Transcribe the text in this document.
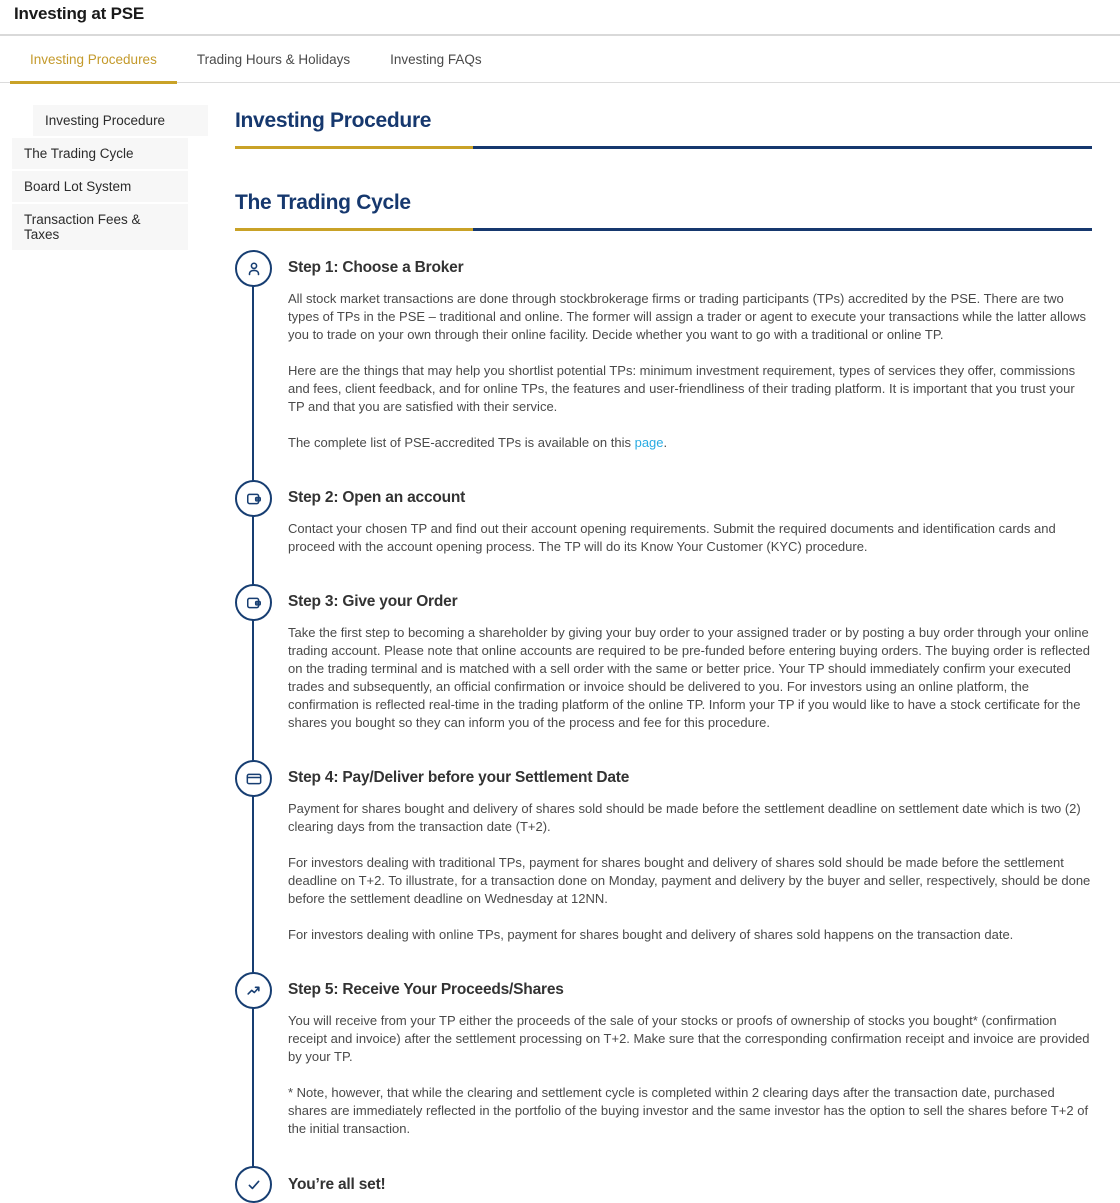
Investing at PSE
Investing Procedures	Trading Hours & Holidays	Investing FAQs
Investing Procedure
The Trading Cycle
Board Lot System
Transaction Fees & Taxes
Investing Procedure
The Trading Cycle
Step 1: Choose a Broker

All stock market transactions are done through stockbrokerage firms or trading participants (TPs) accredited by the PSE. There are two types of TPs in the PSE – traditional and online. The former will assign a trader or agent to execute your transactions while the latter allows you to trade on your own through their online facility. Decide whether you want to go with a traditional or online TP.

Here are the things that may help you shortlist potential TPs: minimum investment requirement, types of services they offer, commissions and fees, client feedback, and for online TPs, the features and user-friendliness of their trading platform. It is important that you trust your TP and that you are satisfied with their service.

The complete list of PSE-accredited TPs is available on this page.

Step 2: Open an account

Contact your chosen TP and find out their account opening requirements. Submit the required documents and identification cards and proceed with the account opening process. The TP will do its Know Your Customer (KYC) procedure.

Step 3: Give your Order

Take the first step to becoming a shareholder by giving your buy order to your assigned trader or by posting a buy order through your online trading account. Please note that online accounts are required to be pre-funded before entering buying orders. The buying order is reflected on the trading terminal and is matched with a sell order with the same or better price. Your TP should immediately confirm your executed trades and subsequently, an official confirmation or invoice should be delivered to you. For investors using an online platform, the confirmation is reflected real-time in the trading platform of the online TP. Inform your TP if you would like to have a stock certificate for the shares you bought so they can inform you of the process and fee for this procedure.

Step 4: Pay/Deliver before your Settlement Date

Payment for shares bought and delivery of shares sold should be made before the settlement deadline on settlement date which is two (2) clearing days from the transaction date (T+2).

For investors dealing with traditional TPs, payment for shares bought and delivery of shares sold should be made before the settlement deadline on T+2. To illustrate, for a transaction done on Monday, payment and delivery by the buyer and seller, respectively, should be done before the settlement deadline on Wednesday at 12NN.

For investors dealing with online TPs, payment for shares bought and delivery of shares sold happens on the transaction date.

Step 5: Receive Your Proceeds/Shares

You will receive from your TP either the proceeds of the sale of your stocks or proofs of ownership of stocks you bought* (confirmation receipt and invoice) after the settlement processing on T+2. Make sure that the corresponding confirmation receipt and invoice are provided by your TP.

* Note, however, that while the clearing and settlement cycle is completed within 2 clearing days after the transaction date, purchased shares are immediately reflected in the portfolio of the buying investor and the same investor has the option to sell the shares before T+2 of the initial transaction.

You’re all set!
